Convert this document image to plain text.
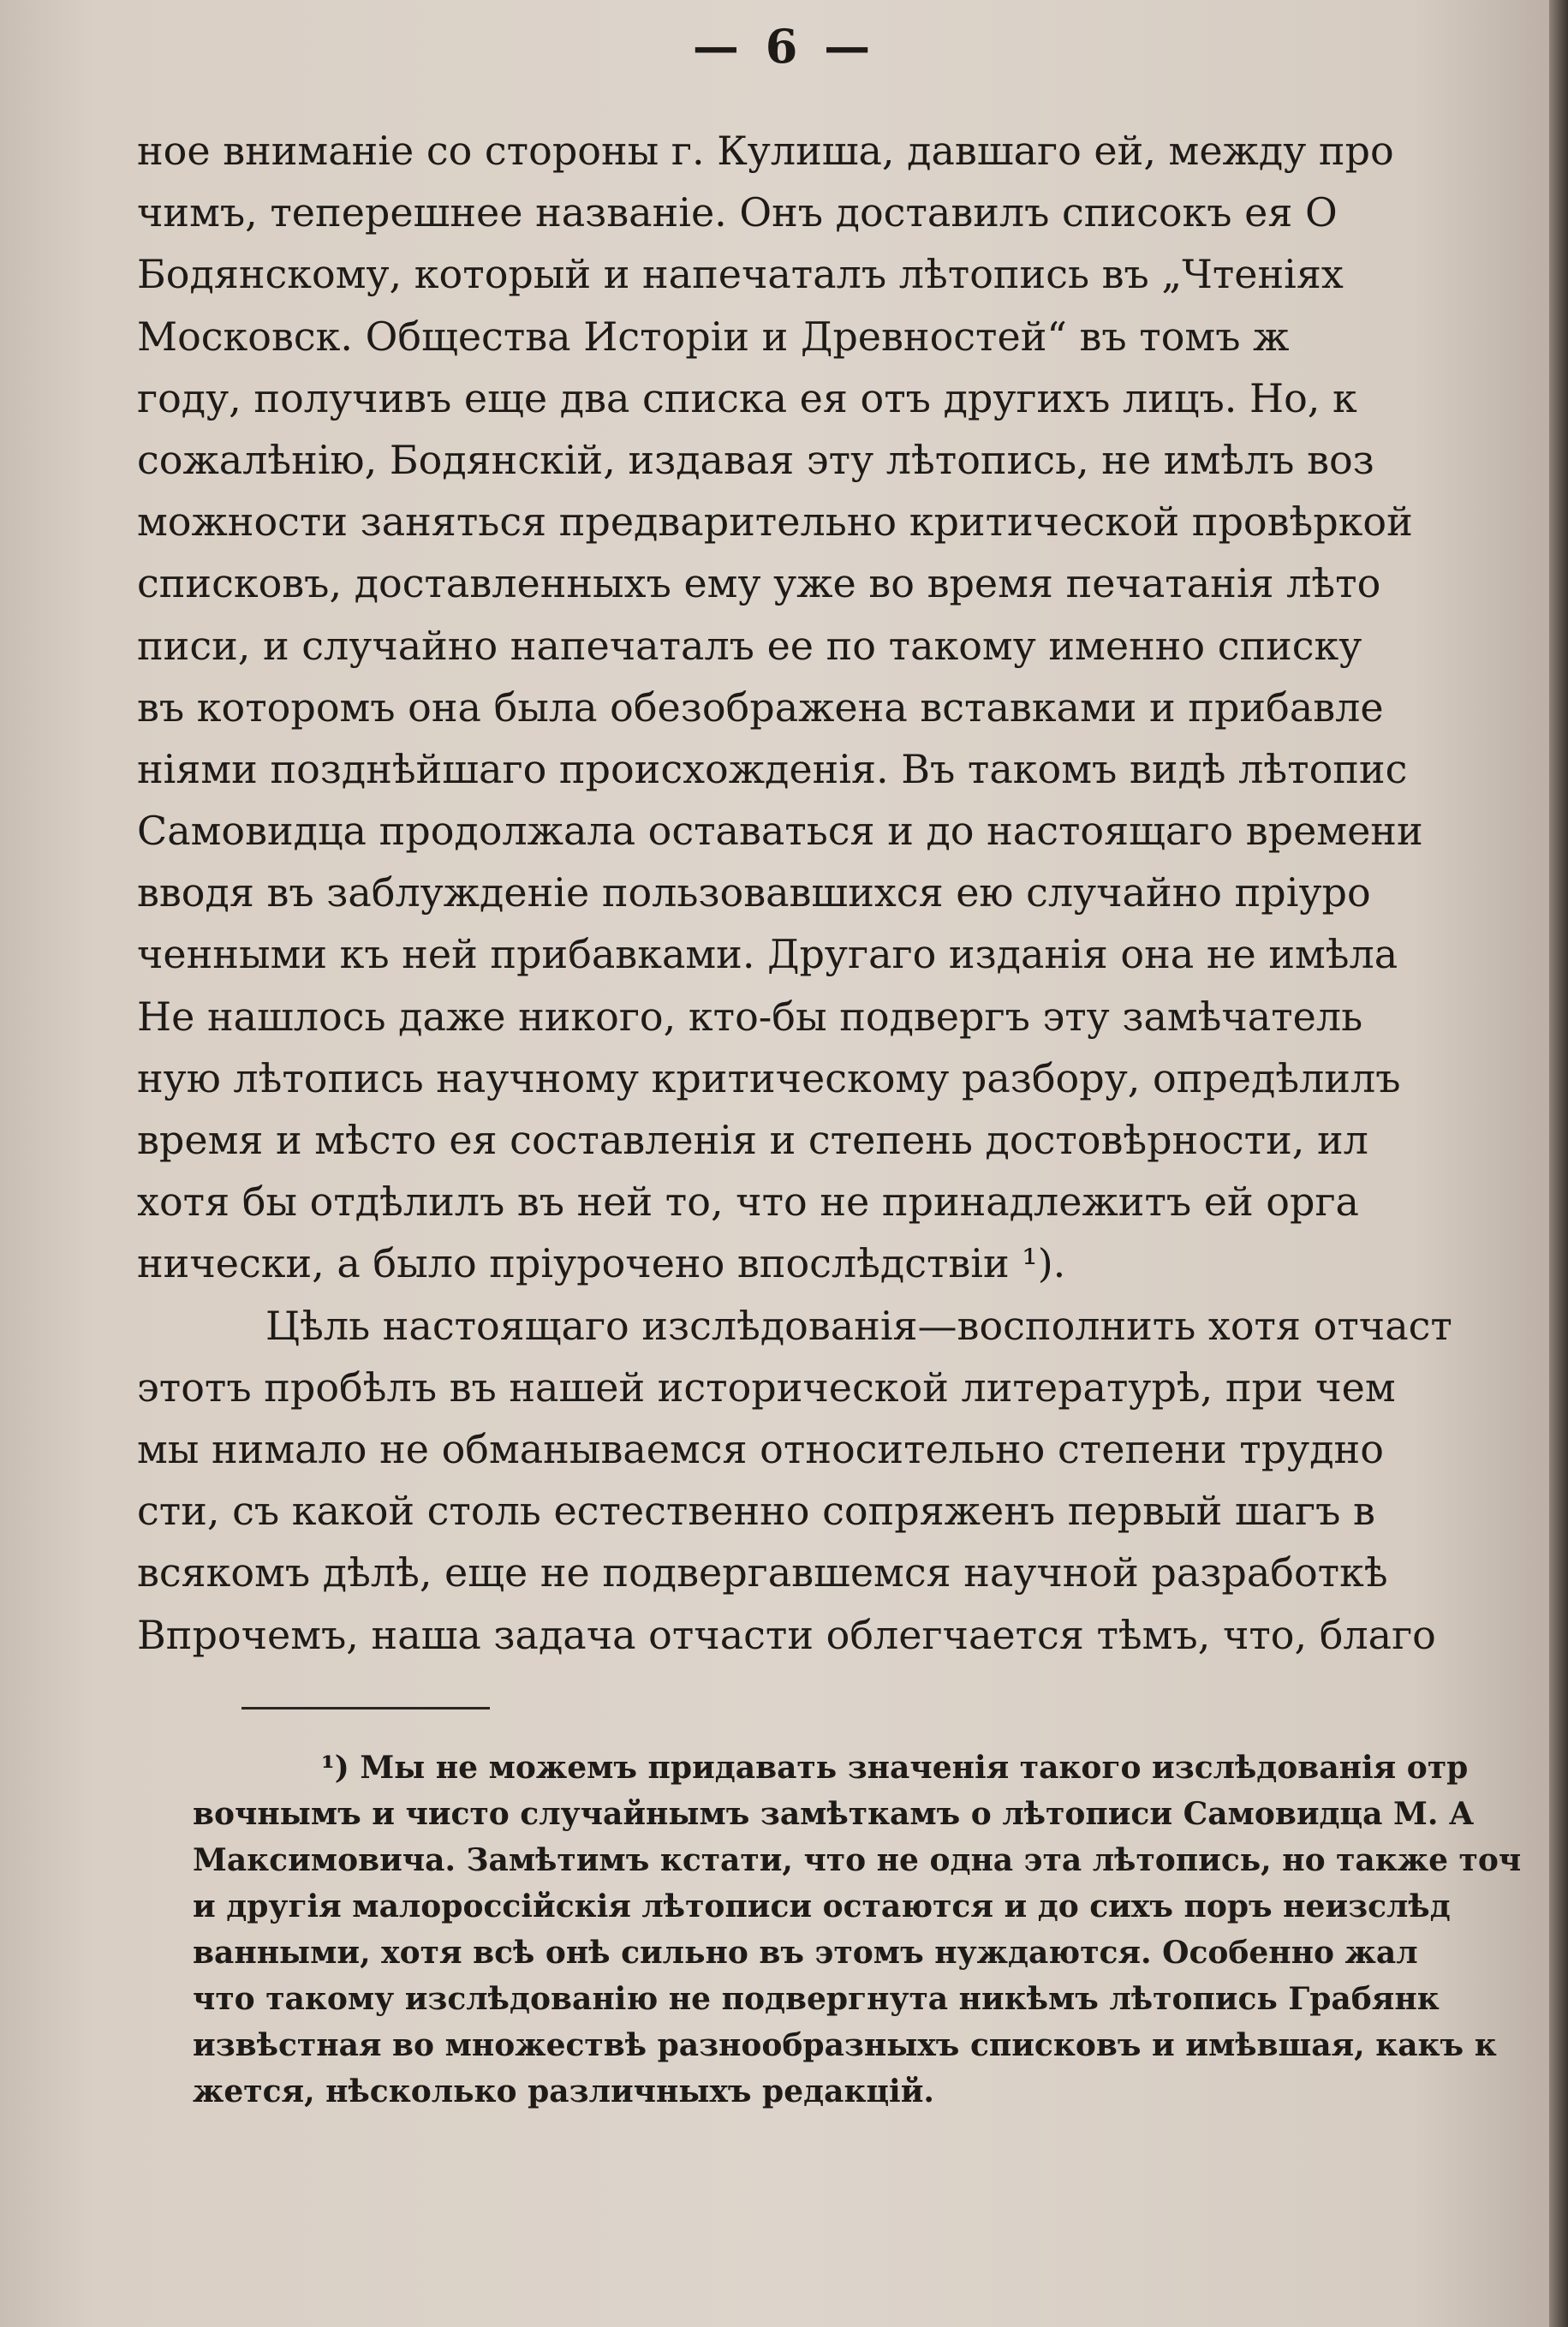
— 6 —
ное вниманіе со стороны г. Кулиша, давшаго ей, между про
чимъ, теперешнее названіе. Онъ доставилъ списокъ ея О
Бодянскому, который и напечаталъ лѣтопись въ „Чтеніях
Московск. Общества Исторіи и Древностей“ въ томъ ж
году, получивъ еще два списка ея отъ другихъ лицъ. Но, к
сожалѣнію, Бодянскій, издавая эту лѣтопись, не имѣлъ воз
можности заняться предварительно критической провѣркой
списковъ, доставленныхъ ему уже во время печатанія лѣто
писи, и случайно напечаталъ ее по такому именно списку
въ которомъ она была обезображена вставками и прибавле
ніями позднѣйшаго происхожденія. Въ такомъ видѣ лѣтопис
Самовидца продолжала оставаться и до настоящаго времени
вводя въ заблужденіе пользовавшихся ею случайно пріуро
ченными къ ней прибавками. Другаго изданія она не имѣла
Не нашлось даже никого, кто-бы подвергъ эту замѣчатель
ную лѣтопись научному критическому разбору, опредѣлилъ
время и мѣсто ея составленія и степень достовѣрности, ил
хотя бы отдѣлилъ въ ней то, что не принадлежитъ ей орга
нически, а было пріурочено впослѣдствіи ¹).
Цѣль настоящаго изслѣдованія—восполнить хотя отчаст
этотъ пробѣлъ въ нашей исторической литературѣ, при чем
мы нимало не обманываемся относительно степени трудно
сти, съ какой столь естественно сопряженъ первый шагъ в
всякомъ дѣлѣ, еще не подвергавшемся научной разработкѣ
Впрочемъ, наша задача отчасти облегчается тѣмъ, что, благо
¹) Мы не можемъ придавать значенія такого изслѣдованія отр
вочнымъ и чисто случайнымъ замѣткамъ о лѣтописи Самовидца М. А
Максимовича. Замѣтимъ кстати, что не одна эта лѣтопись, но также точ
и другія малороссійскія лѣтописи остаются и до сихъ поръ неизслѣд
ванными, хотя всѣ онѣ сильно въ этомъ нуждаются. Особенно жал
что такому изслѣдованію не подвергнута никѣмъ лѣтопись Грабянк
извѣстная во множествѣ разнообразныхъ списковъ и имѣвшая, какъ к
жется, нѣсколько различныхъ редакцій.
